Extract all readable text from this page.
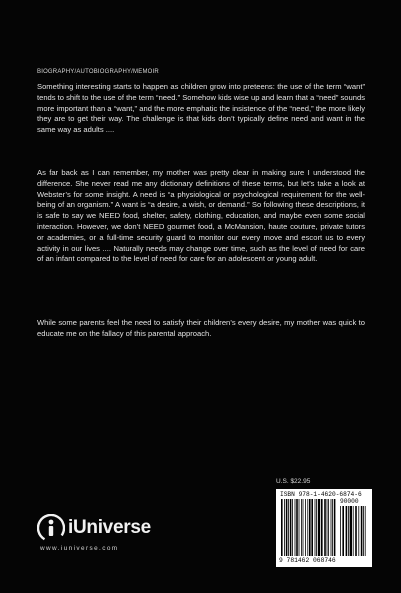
BIOGRAPHY/AUTOBIOGRAPHY/MEMOIR
Something interesting starts to happen as children grow into preteens: the use of the term “want” tends to shift to the use of the term “need.” Somehow kids wise up and learn that a “need” sounds more important than a “want,” and the more emphatic the insistence of the “need,” the more likely they are to get their way. The challenge is that kids don’t typically define need and want in the same way as adults ....
As far back as I can remember, my mother was pretty clear in making sure I understood the difference. She never read me any dictionary definitions of these terms, but let’s take a look at Webster’s for some insight. A need is “a physiological or psychological requirement for the well-being of an organism.” A want is “a desire, a wish, or demand.” So following these descriptions, it is safe to say we NEED food, shelter, safety, clothing, education, and maybe even some social interaction. However, we don’t NEED gourmet food, a McMansion, haute couture, private tutors or academies, or a full-time security guard to monitor our every move and escort us to every activity in our lives .... Naturally needs may change over time, such as the level of need for care of an infant compared to the level of need for care for an adolescent or young adult.
While some parents feel the need to satisfy their children’s every desire, my mother was quick to educate me on the fallacy of this parental approach.
U.S. $22.95
ISBN 978-1-4620-6874-6
90000
9 781462 068746
iUniverse
www.iuniverse.com
